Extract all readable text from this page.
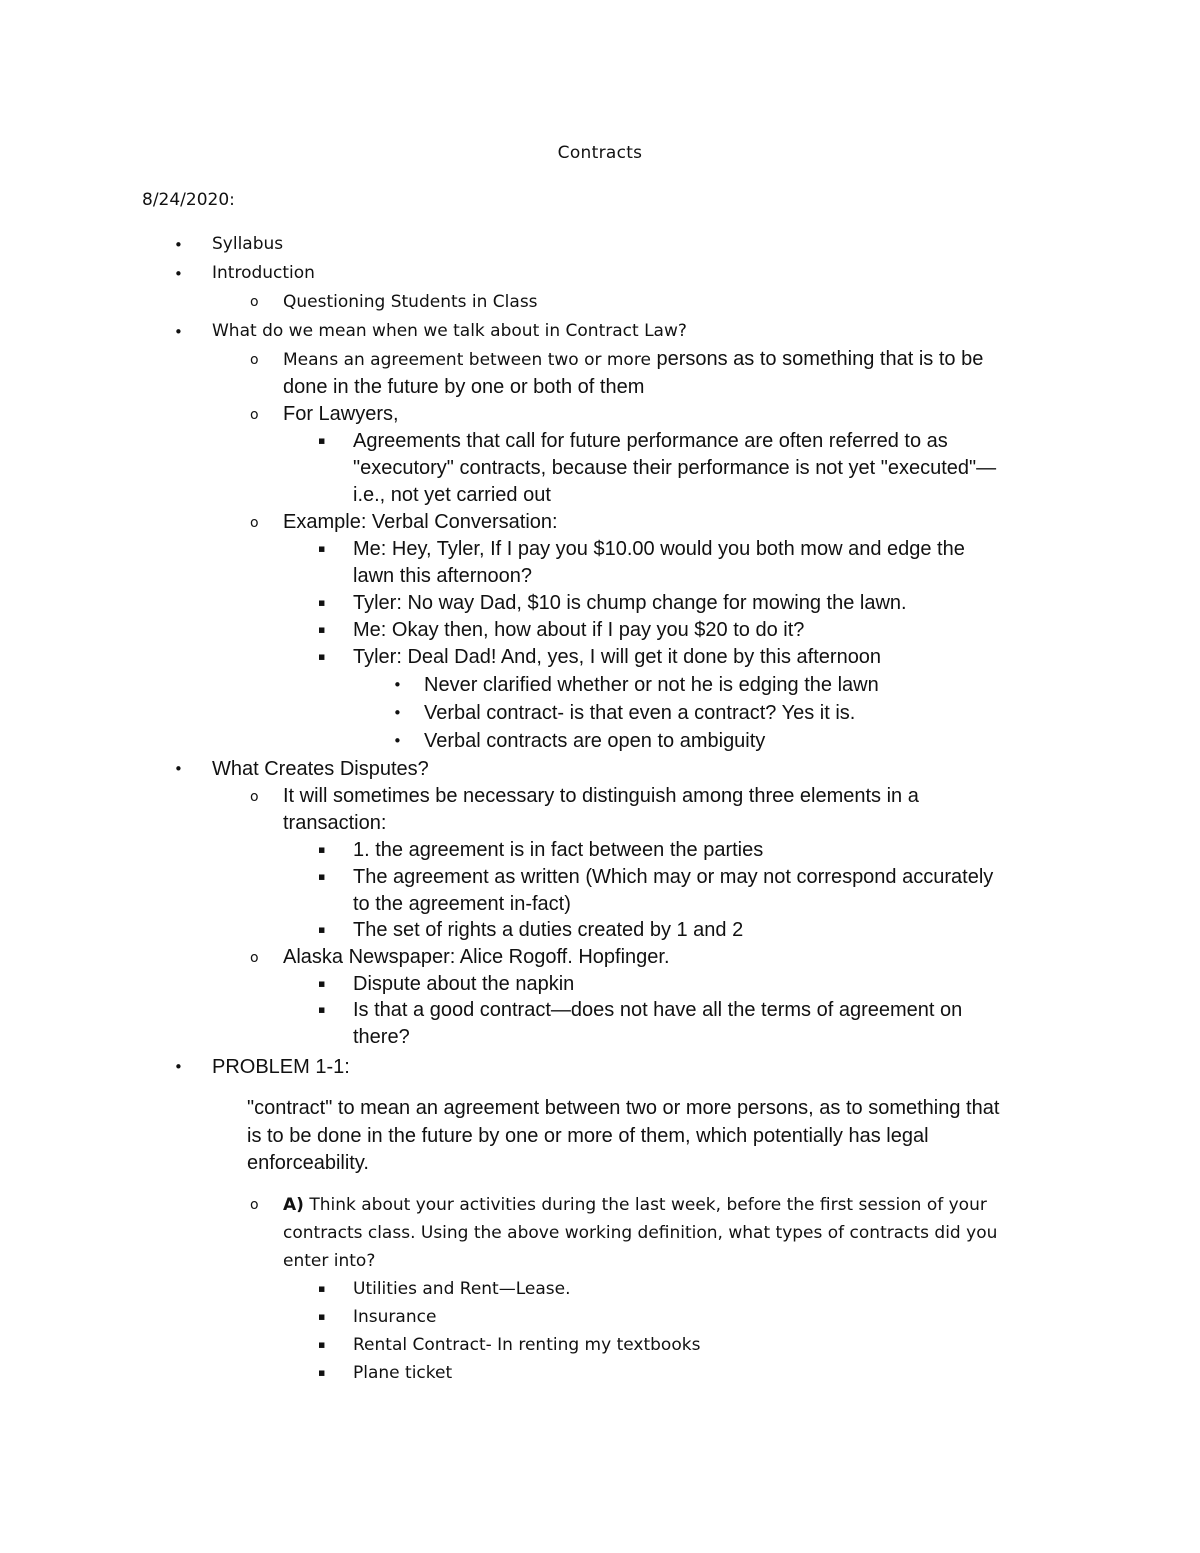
Contracts
8/24/2020:
• Syllabus
• Introduction
o Questioning Students in Class
• What do we mean when we talk about in Contract Law?
o Means an agreement between two or more persons as to something that is to be
done in the future by one or both of them
o For Lawyers,
▪ Agreements that call for future performance are often referred to as
"executory" contracts, because their performance is not yet "executed"—
i.e., not yet carried out
o Example: Verbal Conversation:
▪ Me: Hey, Tyler, If I pay you $10.00 would you both mow and edge the
lawn this afternoon?
▪ Tyler: No way Dad, $10 is chump change for mowing the lawn.
▪ Me: Okay then, how about if I pay you $20 to do it?
▪ Tyler: Deal Dad! And, yes, I will get it done by this afternoon
• Never clarified whether or not he is edging the lawn
• Verbal contract- is that even a contract? Yes it is.
• Verbal contracts are open to ambiguity
• What Creates Disputes?
o It will sometimes be necessary to distinguish among three elements in a
transaction:
▪ 1. the agreement is in fact between the parties
▪ The agreement as written (Which may or may not correspond accurately
to the agreement in-fact)
▪ The set of rights a duties created by 1 and 2
o Alaska Newspaper: Alice Rogoff. Hopfinger.
▪ Dispute about the napkin
▪ Is that a good contract—does not have all the terms of agreement on
there?
• PROBLEM 1-1:
"contract" to mean an agreement between two or more persons, as to something that
is to be done in the future by one or more of them, which potentially has legal
enforceability.
o A) Think about your activities during the last week, before the first session of your
contracts class. Using the above working definition, what types of contracts did you
enter into?
▪ Utilities and Rent—Lease.
▪ Insurance
▪ Rental Contract- In renting my textbooks
▪ Plane ticket
